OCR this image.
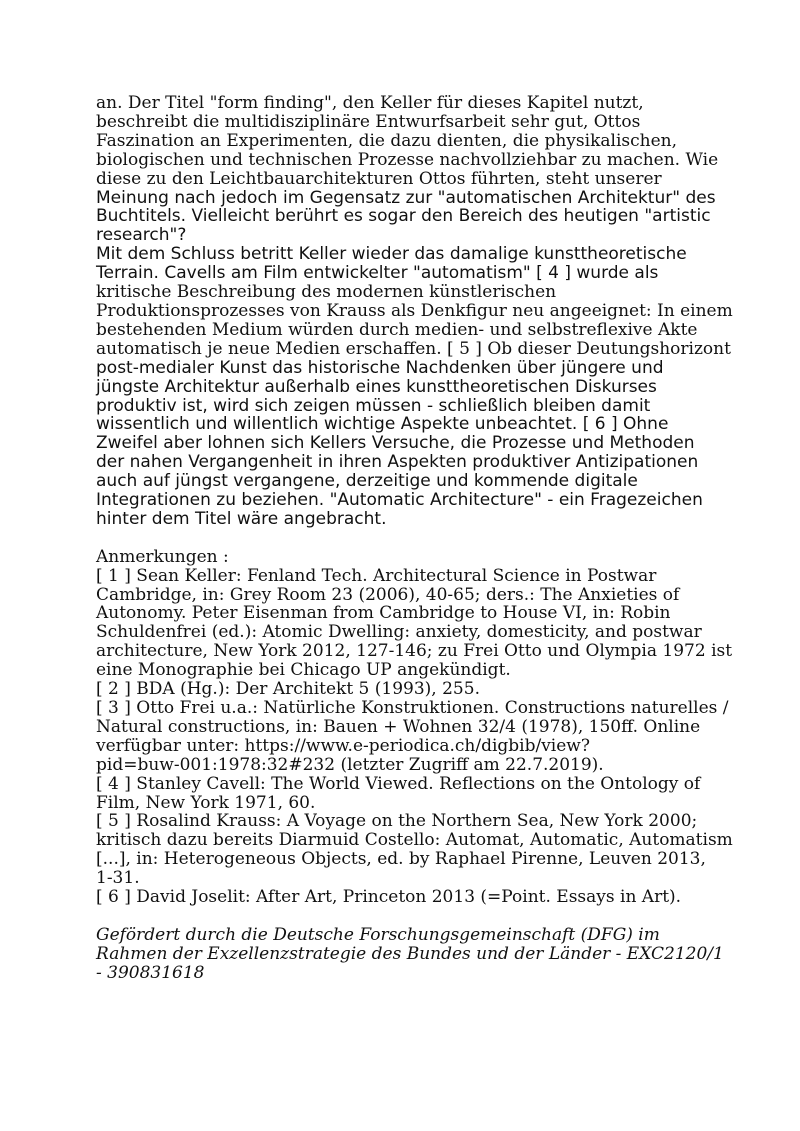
an. Der Titel "form finding", den Keller für dieses Kapitel nutzt,
beschreibt die multidisziplinäre Entwurfsarbeit sehr gut, Ottos
Faszination an Experimenten, die dazu dienten, die physikalischen,
biologischen und technischen Prozesse nachvollziehbar zu machen. Wie
diese zu den Leichtbauarchitekturen Ottos führten, steht unserer
Meinung nach jedoch im Gegensatz zur "automatischen Architektur" des
Buchtitels. Vielleicht berührt es sogar den Bereich des heutigen "artistic
research"?
Mit dem Schluss betritt Keller wieder das damalige kunsttheoretische
Terrain. Cavells am Film entwickelter "automatism" [ 4 ] wurde als
kritische Beschreibung des modernen künstlerischen
Produktionsprozesses von Krauss als Denkfigur neu angeeignet: In einem
bestehenden Medium würden durch medien- und selbstreflexive Akte
automatisch je neue Medien erschaffen. [ 5 ] Ob dieser Deutungshorizont
post-medialer Kunst das historische Nachdenken über jüngere und
jüngste Architektur außerhalb eines kunsttheoretischen Diskurses
produktiv ist, wird sich zeigen müssen - schließlich bleiben damit
wissentlich und willentlich wichtige Aspekte unbeachtet. [ 6 ] Ohne
Zweifel aber lohnen sich Kellers Versuche, die Prozesse und Methoden
der nahen Vergangenheit in ihren Aspekten produktiver Antizipationen
auch auf jüngst vergangene, derzeitige und kommende digitale
Integrationen zu beziehen. "Automatic Architecture" - ein Fragezeichen
hinter dem Titel wäre angebracht.
Anmerkungen :
[ 1 ] Sean Keller: Fenland Tech. Architectural Science in Postwar
Cambridge, in: Grey Room 23 (2006), 40-65; ders.: The Anxieties of
Autonomy. Peter Eisenman from Cambridge to House VI, in: Robin
Schuldenfrei (ed.): Atomic Dwelling: anxiety, domesticity, and postwar
architecture, New York 2012, 127-146; zu Frei Otto und Olympia 1972 ist
eine Monographie bei Chicago UP angekündigt.
[ 2 ] BDA (Hg.): Der Architekt 5 (1993), 255.
[ 3 ] Otto Frei u.a.: Natürliche Konstruktionen. Constructions naturelles /
Natural constructions, in: Bauen + Wohnen 32/4 (1978), 150ff. Online
verfügbar unter: https://www.e-periodica.ch/digbib/view?
pid=buw-001:1978:32#232 (letzter Zugriff am 22.7.2019).
[ 4 ] Stanley Cavell: The World Viewed. Reflections on the Ontology of
Film, New York 1971, 60.
[ 5 ] Rosalind Krauss: A Voyage on the Northern Sea, New York 2000;
kritisch dazu bereits Diarmuid Costello: Automat, Automatic, Automatism
[...], in: Heterogeneous Objects, ed. by Raphael Pirenne, Leuven 2013,
1-31.
[ 6 ] David Joselit: After Art, Princeton 2013 (=Point. Essays in Art).
Gefördert durch die Deutsche Forschungsgemeinschaft (DFG) im
Rahmen der Exzellenzstrategie des Bundes und der Länder - EXC2120/1
- 390831618
